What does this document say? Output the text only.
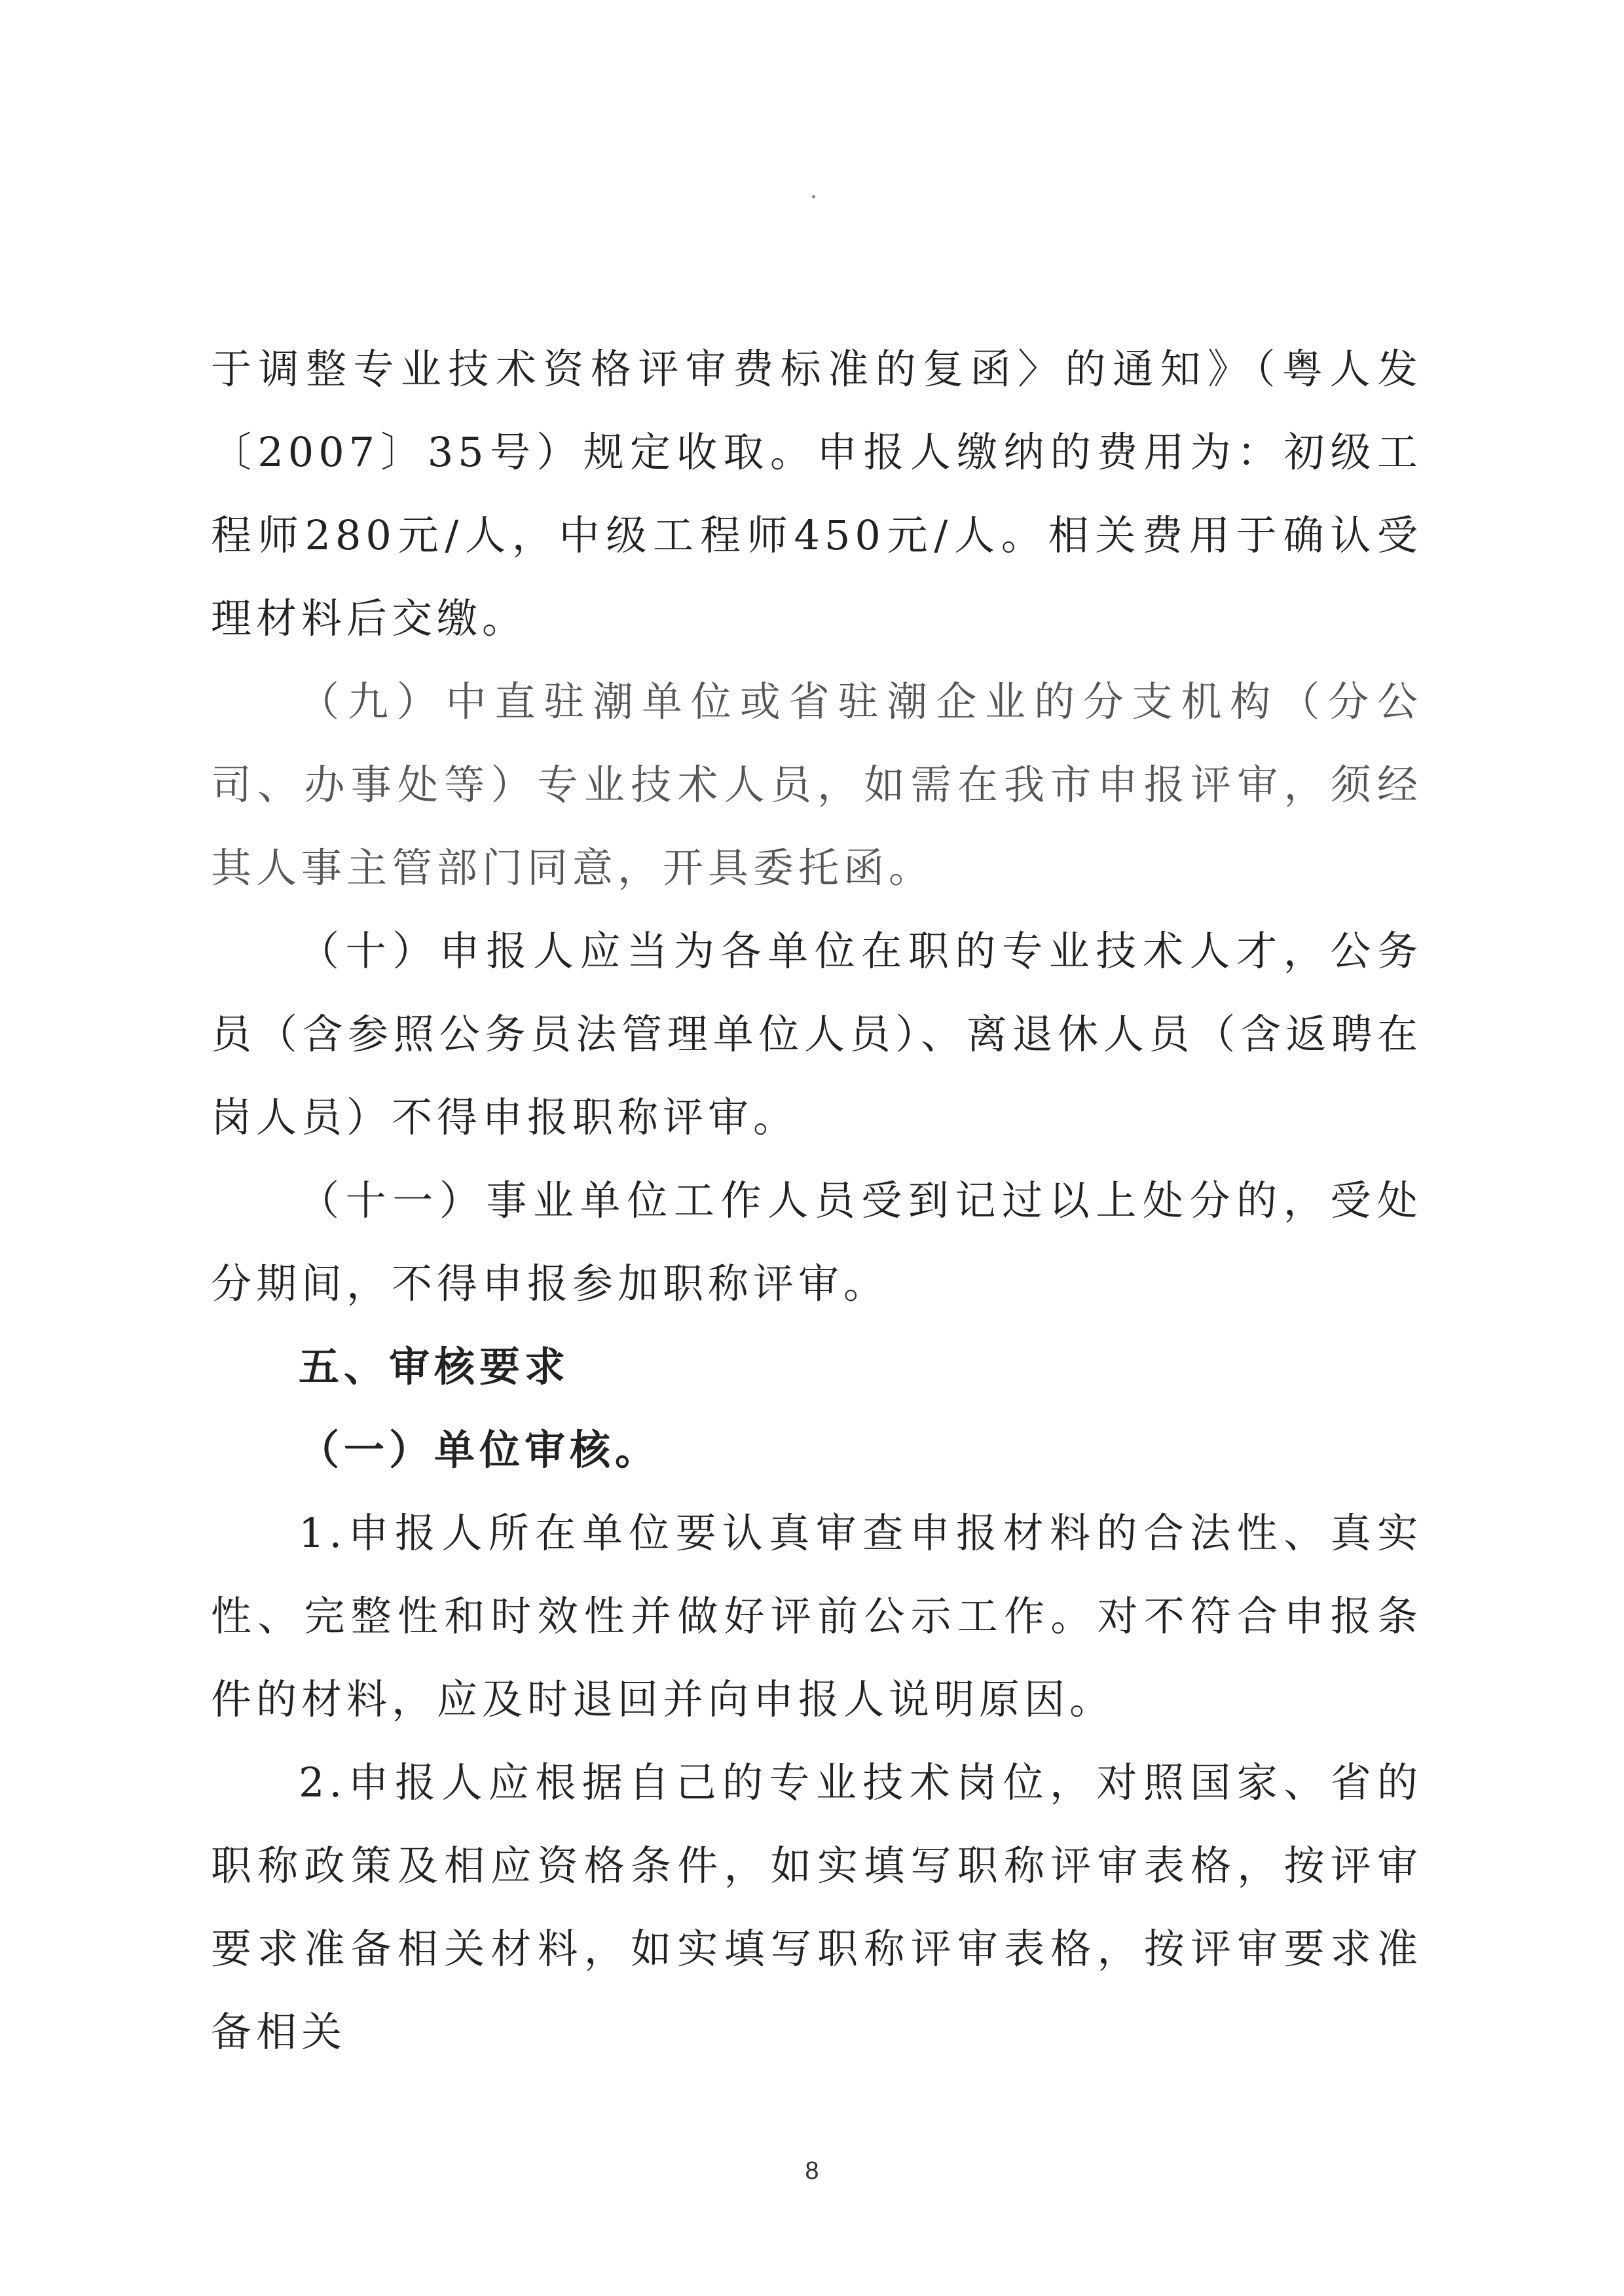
于调整专业技术资格评审费标准的复函〉的通知》（粤人发〔2007〕35号）规定收取。申报人缴纳的费用为：初级工程师280元/人，中级工程师450元/人。相关费用于确认受理材料后交缴。

（九）中直驻潮单位或省驻潮企业的分支机构（分公司、办事处等）专业技术人员，如需在我市申报评审，须经其人事主管部门同意，开具委托函。

（十）申报人应当为各单位在职的专业技术人才，公务员（含参照公务员法管理单位人员）、离退休人员（含返聘在岗人员）不得申报职称评审。

（十一）事业单位工作人员受到记过以上处分的，受处分期间，不得申报参加职称评审。

五、审核要求

（一）单位审核。

1.申报人所在单位要认真审查申报材料的合法性、真实性、完整性和时效性并做好评前公示工作。对不符合申报条件的材料，应及时退回并向申报人说明原因。

2.申报人应根据自己的专业技术岗位，对照国家、省的职称政策及相应资格条件，如实填写职称评审表格，按评审要求准备相关材料，如实填写职称评审表格，按评审要求准备相关

8
